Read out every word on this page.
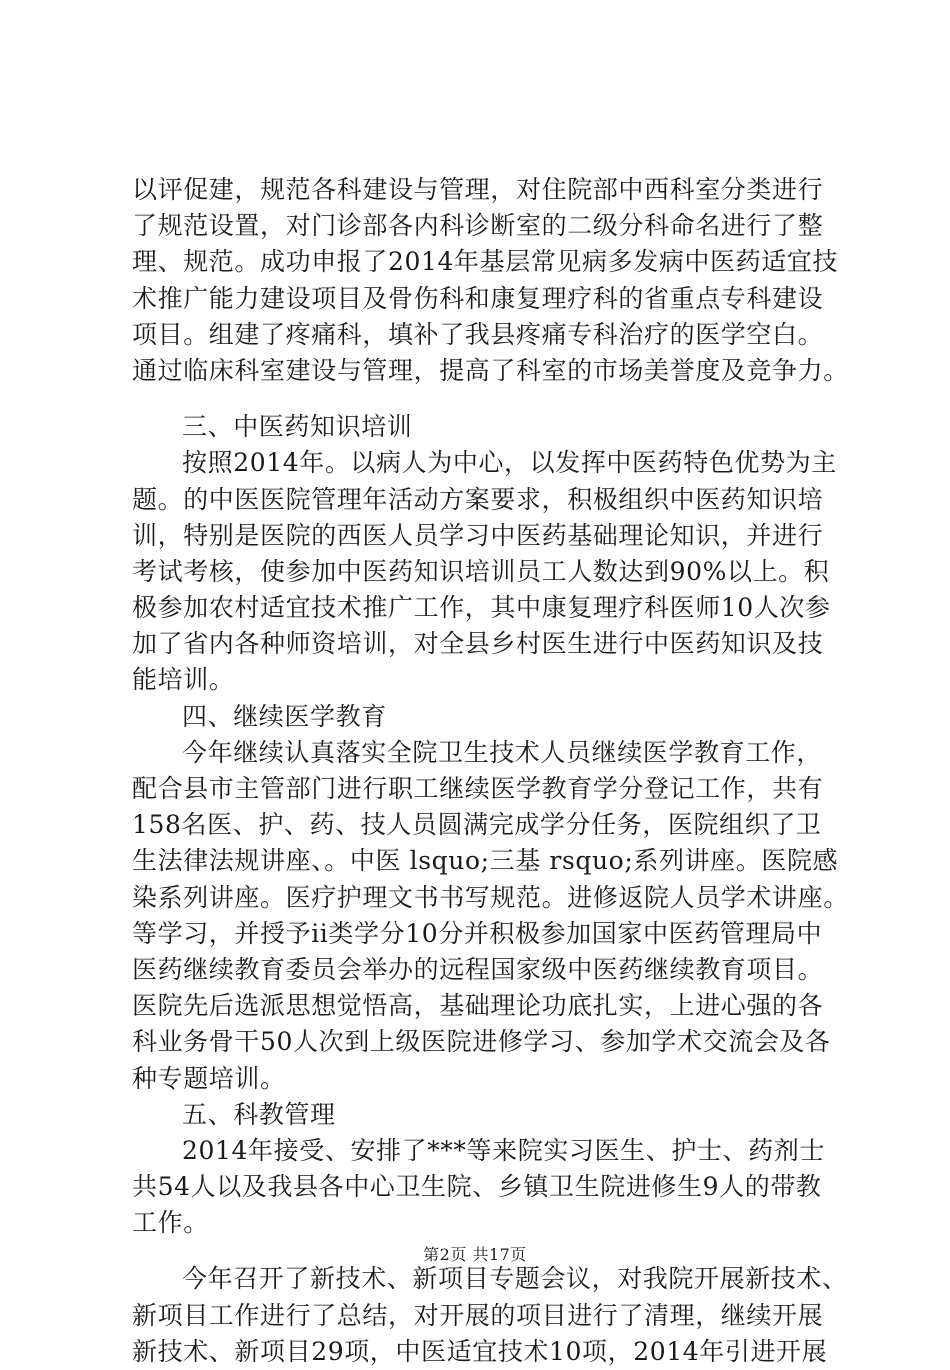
以评促建，规范各科建设与管理，对住院部中西科室分类进行
了规范设置，对门诊部各内科诊断室的二级分科命名进行了整
理、规范。成功申报了2014年基层常见病多发病中医药适宜技
术推广能力建设项目及骨伤科和康复理疗科的省重点专科建设
项目。组建了疼痛科，填补了我县疼痛专科治疗的医学空白。
通过临床科室建设与管理，提高了科室的市场美誉度及竞争力。
三、中医药知识培训
按照2014年。以病人为中心，以发挥中医药特色优势为主
题。的中医医院管理年活动方案要求，积极组织中医药知识培
训，特别是医院的西医人员学习中医药基础理论知识，并进行
考试考核，使参加中医药知识培训员工人数达到90%以上。积
极参加农村适宜技术推广工作，其中康复理疗科医师10人次参
加了省内各种师资培训，对全县乡村医生进行中医药知识及技
能培训。
四、继续医学教育
今年继续认真落实全院卫生技术人员继续医学教育工作，
配合县市主管部门进行职工继续医学教育学分登记工作，共有
158名医、护、药、技人员圆满完成学分任务，医院组织了卫
生法律法规讲座、。中医 lsquo;三基 rsquo;系列讲座。医院感
染系列讲座。医疗护理文书书写规范。进修返院人员学术讲座。
等学习，并授予ii类学分10分并积极参加国家中医药管理局中
医药继续教育委员会举办的远程国家级中医药继续教育项目。
医院先后选派思想觉悟高，基础理论功底扎实，上进心强的各
科业务骨干50人次到上级医院进修学习、参加学术交流会及各
种专题培训。
五、科教管理
2014年接受、安排了***等来院实习医生、护士、药剂士
共54人以及我县各中心卫生院、乡镇卫生院进修生9人的带教
工作。
今年召开了新技术、新项目专题会议，对我院开展新技术、
新项目工作进行了总结，对开展的项目进行了清理，继续开展
新技术、新项目29项，中医适宜技术10项，2014年引进开展
第2页 共17页
